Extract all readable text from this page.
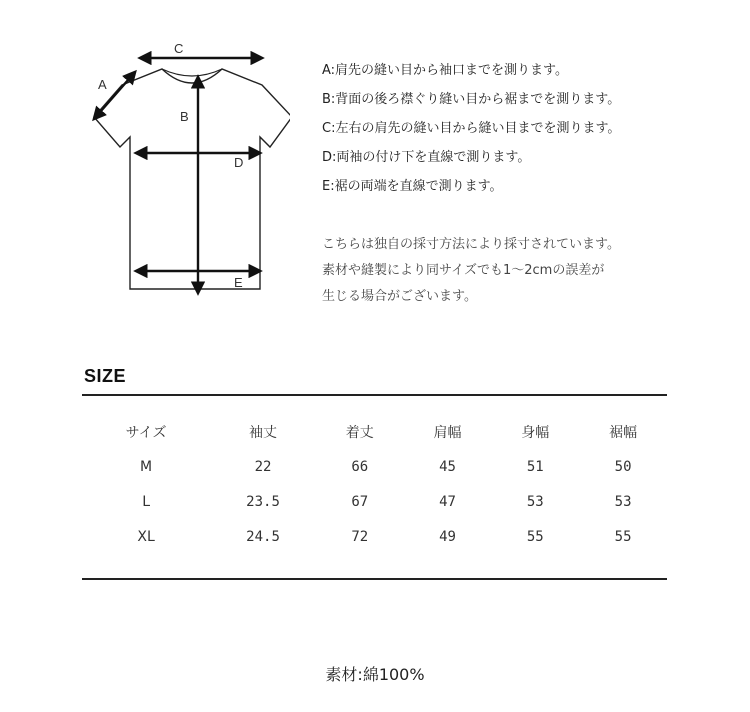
A
C
B
D
E
A:肩先の縫い目から袖口までを測ります。
B:背面の後ろ襟ぐり縫い目から裾までを測ります。
C:左右の肩先の縫い目から縫い目までを測ります。
D:両袖の付け下を直線で測ります。
E:裾の両端を直線で測ります。
こちらは独自の採寸方法により採寸されています。
素材や縫製により同サイズでも1〜2cmの誤差が
生じる場合がございます。
SIZE
サイズ	袖丈	着丈	肩幅	身幅	裾幅
M	22	66	45	51	50
L	23.5	67	47	53	53
XL	24.5	72	49	55	55
素材:綿100%
